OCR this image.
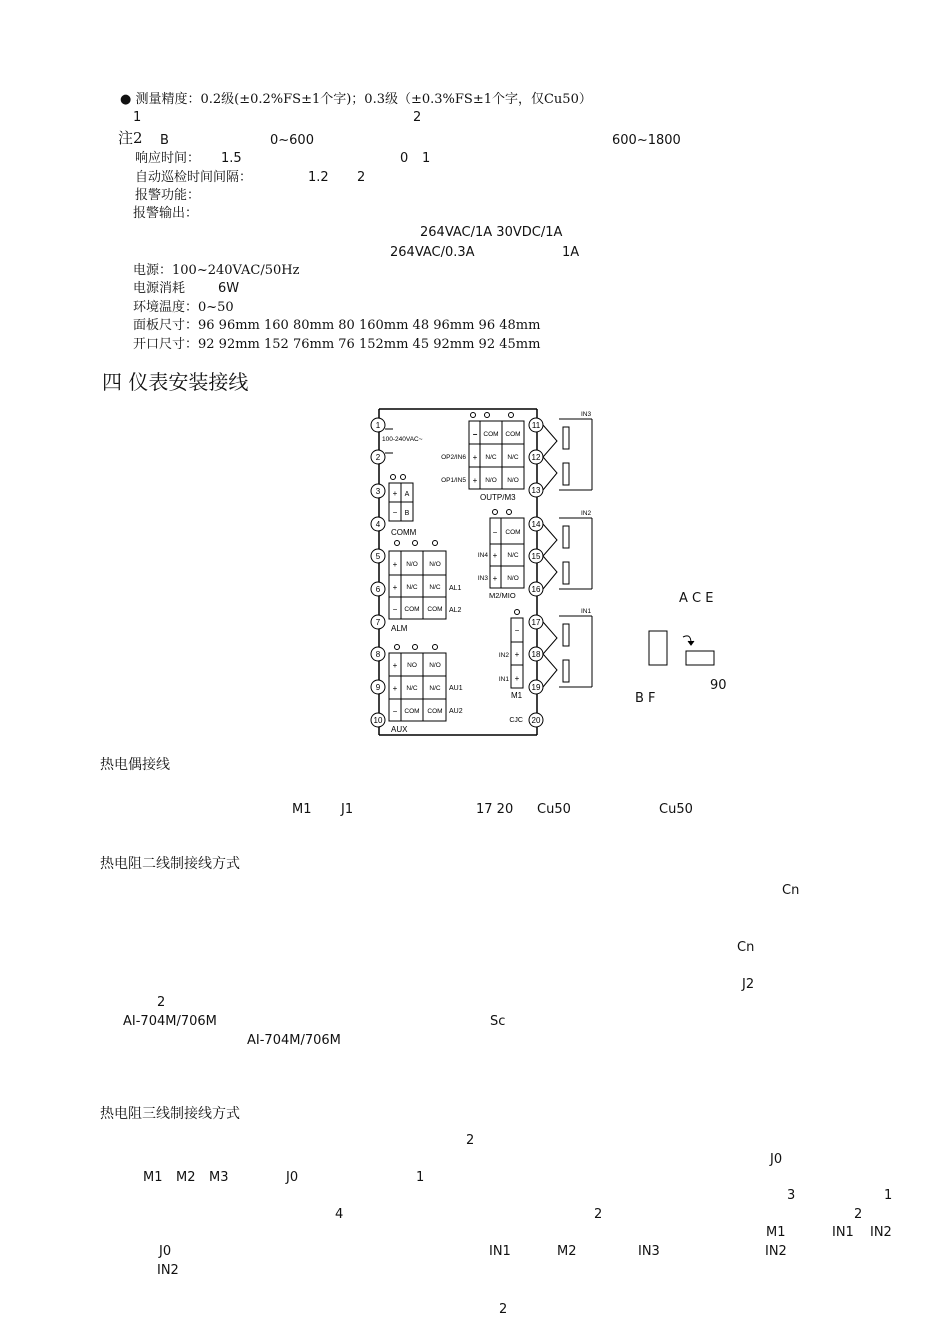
● 测量精度：0.2级(±0.2%FS±1个字)；0.3级（±0.3%FS±1个字，仅Cu50）
1	2
注2 B	0~600	600~1800
响应时间： 1.5	0 1
自动巡检时间间隔：	1.2 2
报警功能：
报警输出：
264VAC/1A 30VDC/1A
264VAC/0.3A	1A
电源：100~240VAC/50Hz
电源消耗	6W
环境温度：0~50
面板尺寸：96 96mm 160 80mm 80 160mm 48 96mm 96 48mm
开口尺寸：92 92mm 152 76mm 76 152mm 45 92mm 92 45mm
四 仪表安装接线
1
2
3
4
5
6
7
8
9
10
11
12
13
14
15
16
17
18
19
20
100-240VAC~
+ A
− B
COMM
+ N/O N/O
+ N/C N/C
− COM COM
AL1
AL2
ALM
+ NO N/O
+ N/C N/C
− COM COM
AU1
AU2
AUX
− COM COM
+ N/C N/C
+ N/O N/O
OP2/IN6
OP1/IN5
OUTP/M3
− COM
+ N/C
+ N/O
IN4
IN3
M2/MIO
−
+
+
IN2
IN1
M1
CJC
IN3
IN2
IN1
A C E
B F
90
热电偶接线
M1 J1	17 20 Cu50	Cu50
热电阻二线制接线方式
Cn
Cn
J2
2
AI-704M/706M	Sc
AI-704M/706M
热电阻三线制接线方式
2
J0
M1 M2 M3	J0	1
3	1
4	2	2
M1	IN1 IN2
J0	IN1	M2	IN3	IN2
IN2
2
